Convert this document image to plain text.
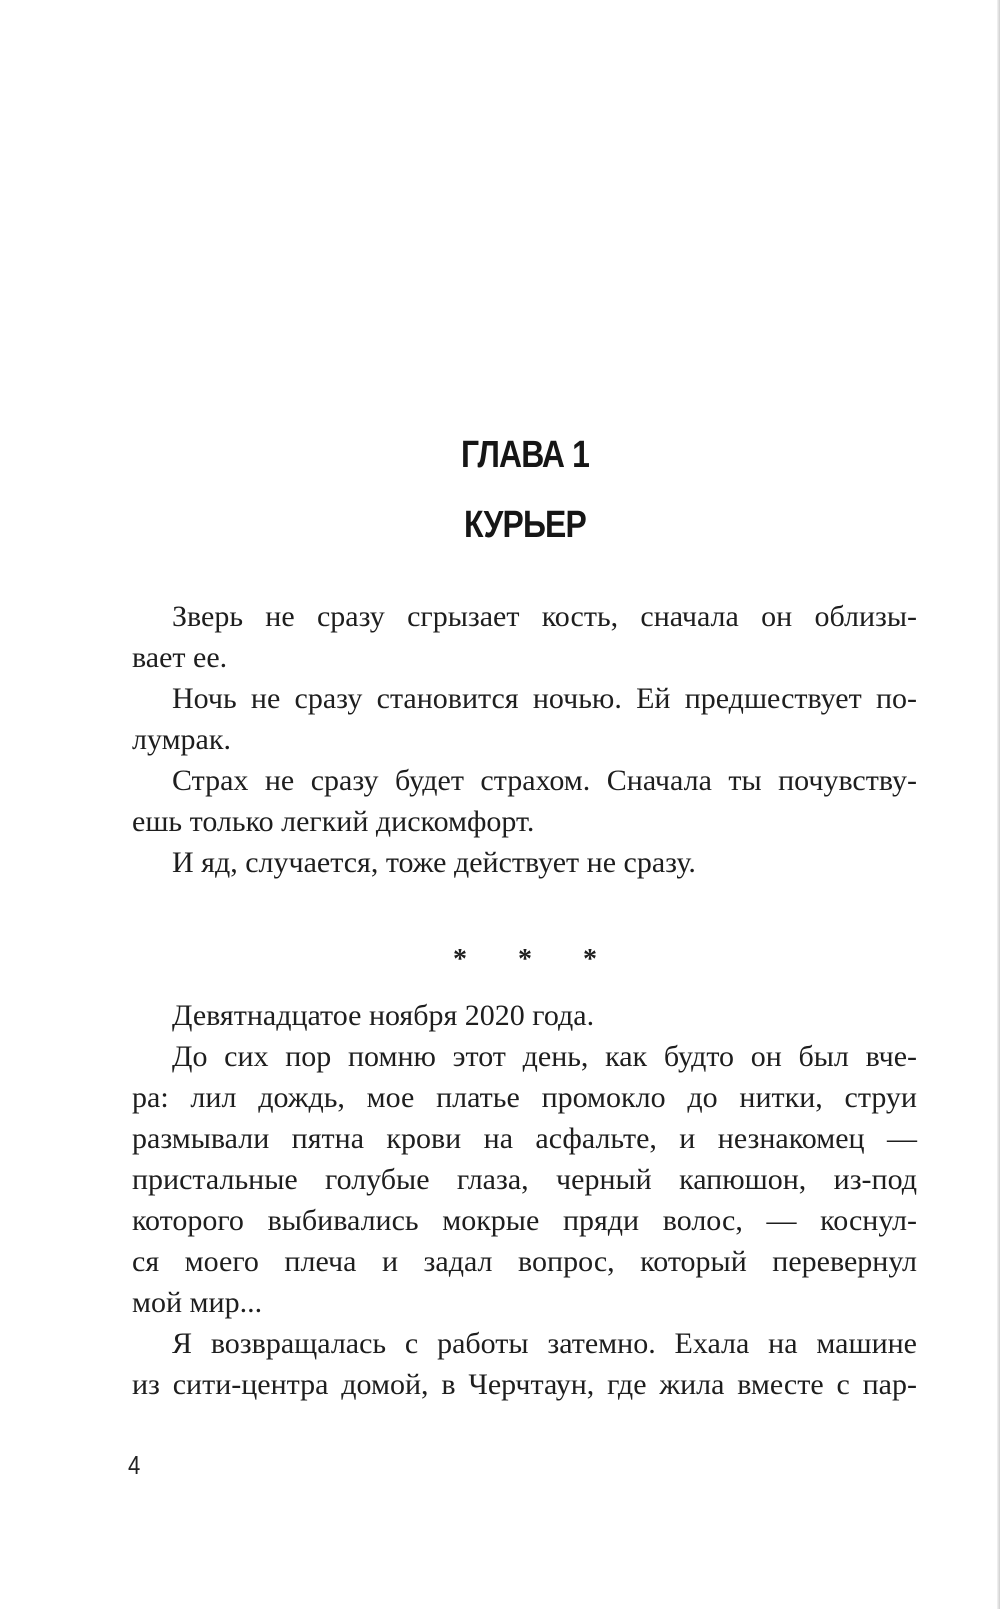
ГЛАВА 1
КУРЬЕР

Зверь не сразу сгрызает кость, сначала он облизы-

вает ее.

Ночь не сразу становится ночью. Ей предшествует по-

лумрак.

Страх не сразу будет страхом. Сначала ты почувству-

ешь только легкий дискомфорт.

И яд, случается, тоже действует не сразу.

* * *

Девятнадцатое ноября 2020 года.

До сих пор помню этот день, как будто он был вче-

ра: лил дождь, мое платье промокло до нитки, струи

размывали пятна крови на асфальте, и незнакомец —

пристальные голубые глаза, черный капюшон, из-под

которого выбивались мокрые пряди волос, — коснул-

ся моего плеча и задал вопрос, который перевернул

мой мир...

Я возвращалась с работы затемно. Ехала на машине

из сити-центра домой, в Черчтаун, где жила вместе с пар-

4
